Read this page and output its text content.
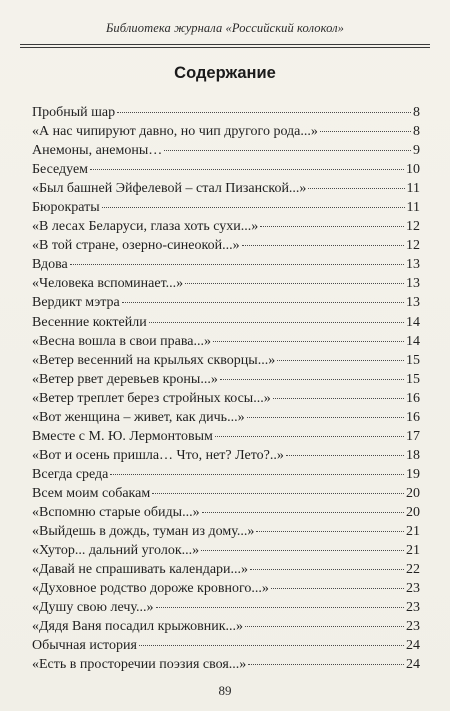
Библиотека журнала «Российский колокол»
Содержание
Пробный шар	8
«А нас чипируют давно, но чип другого рода...»	8
Анемоны, анемоны…	9
Беседуем	10
«Был башней Эйфелевой – стал Пизанской...»	11
Бюрократы	11
«В лесах Беларуси, глаза хоть сухи...»	12
«В той стране, озерно-синеокой...»	12
Вдова	13
«Человека вспоминает...»	13
Вердикт мэтра	13
Весенние коктейли	14
«Весна вошла в свои права...»	14
«Ветер весенний на крыльях скворцы...»	15
«Ветер рвет деревьев кроны...»	15
«Ветер треплет берез стройных косы...»	16
«Вот женщина – живет, как дичь...»	16
Вместе с М. Ю. Лермонтовым	17
«Вот и осень пришла… Что, нет? Лето?..»	18
Всегда среда	19
Всем моим собакам	20
«Вспомню старые обиды...»	20
«Выйдешь в дождь, туман из дому...»	21
«Хутор... дальний уголок...»	21
«Давай не спрашивать календари...»	22
«Духовное родство дороже кровного...»	23
«Душу свою лечу...»	23
«Дядя Ваня посадил крыжовник...»	23
Обычная история	24
«Есть в просторечии поэзия своя...»	24
89
